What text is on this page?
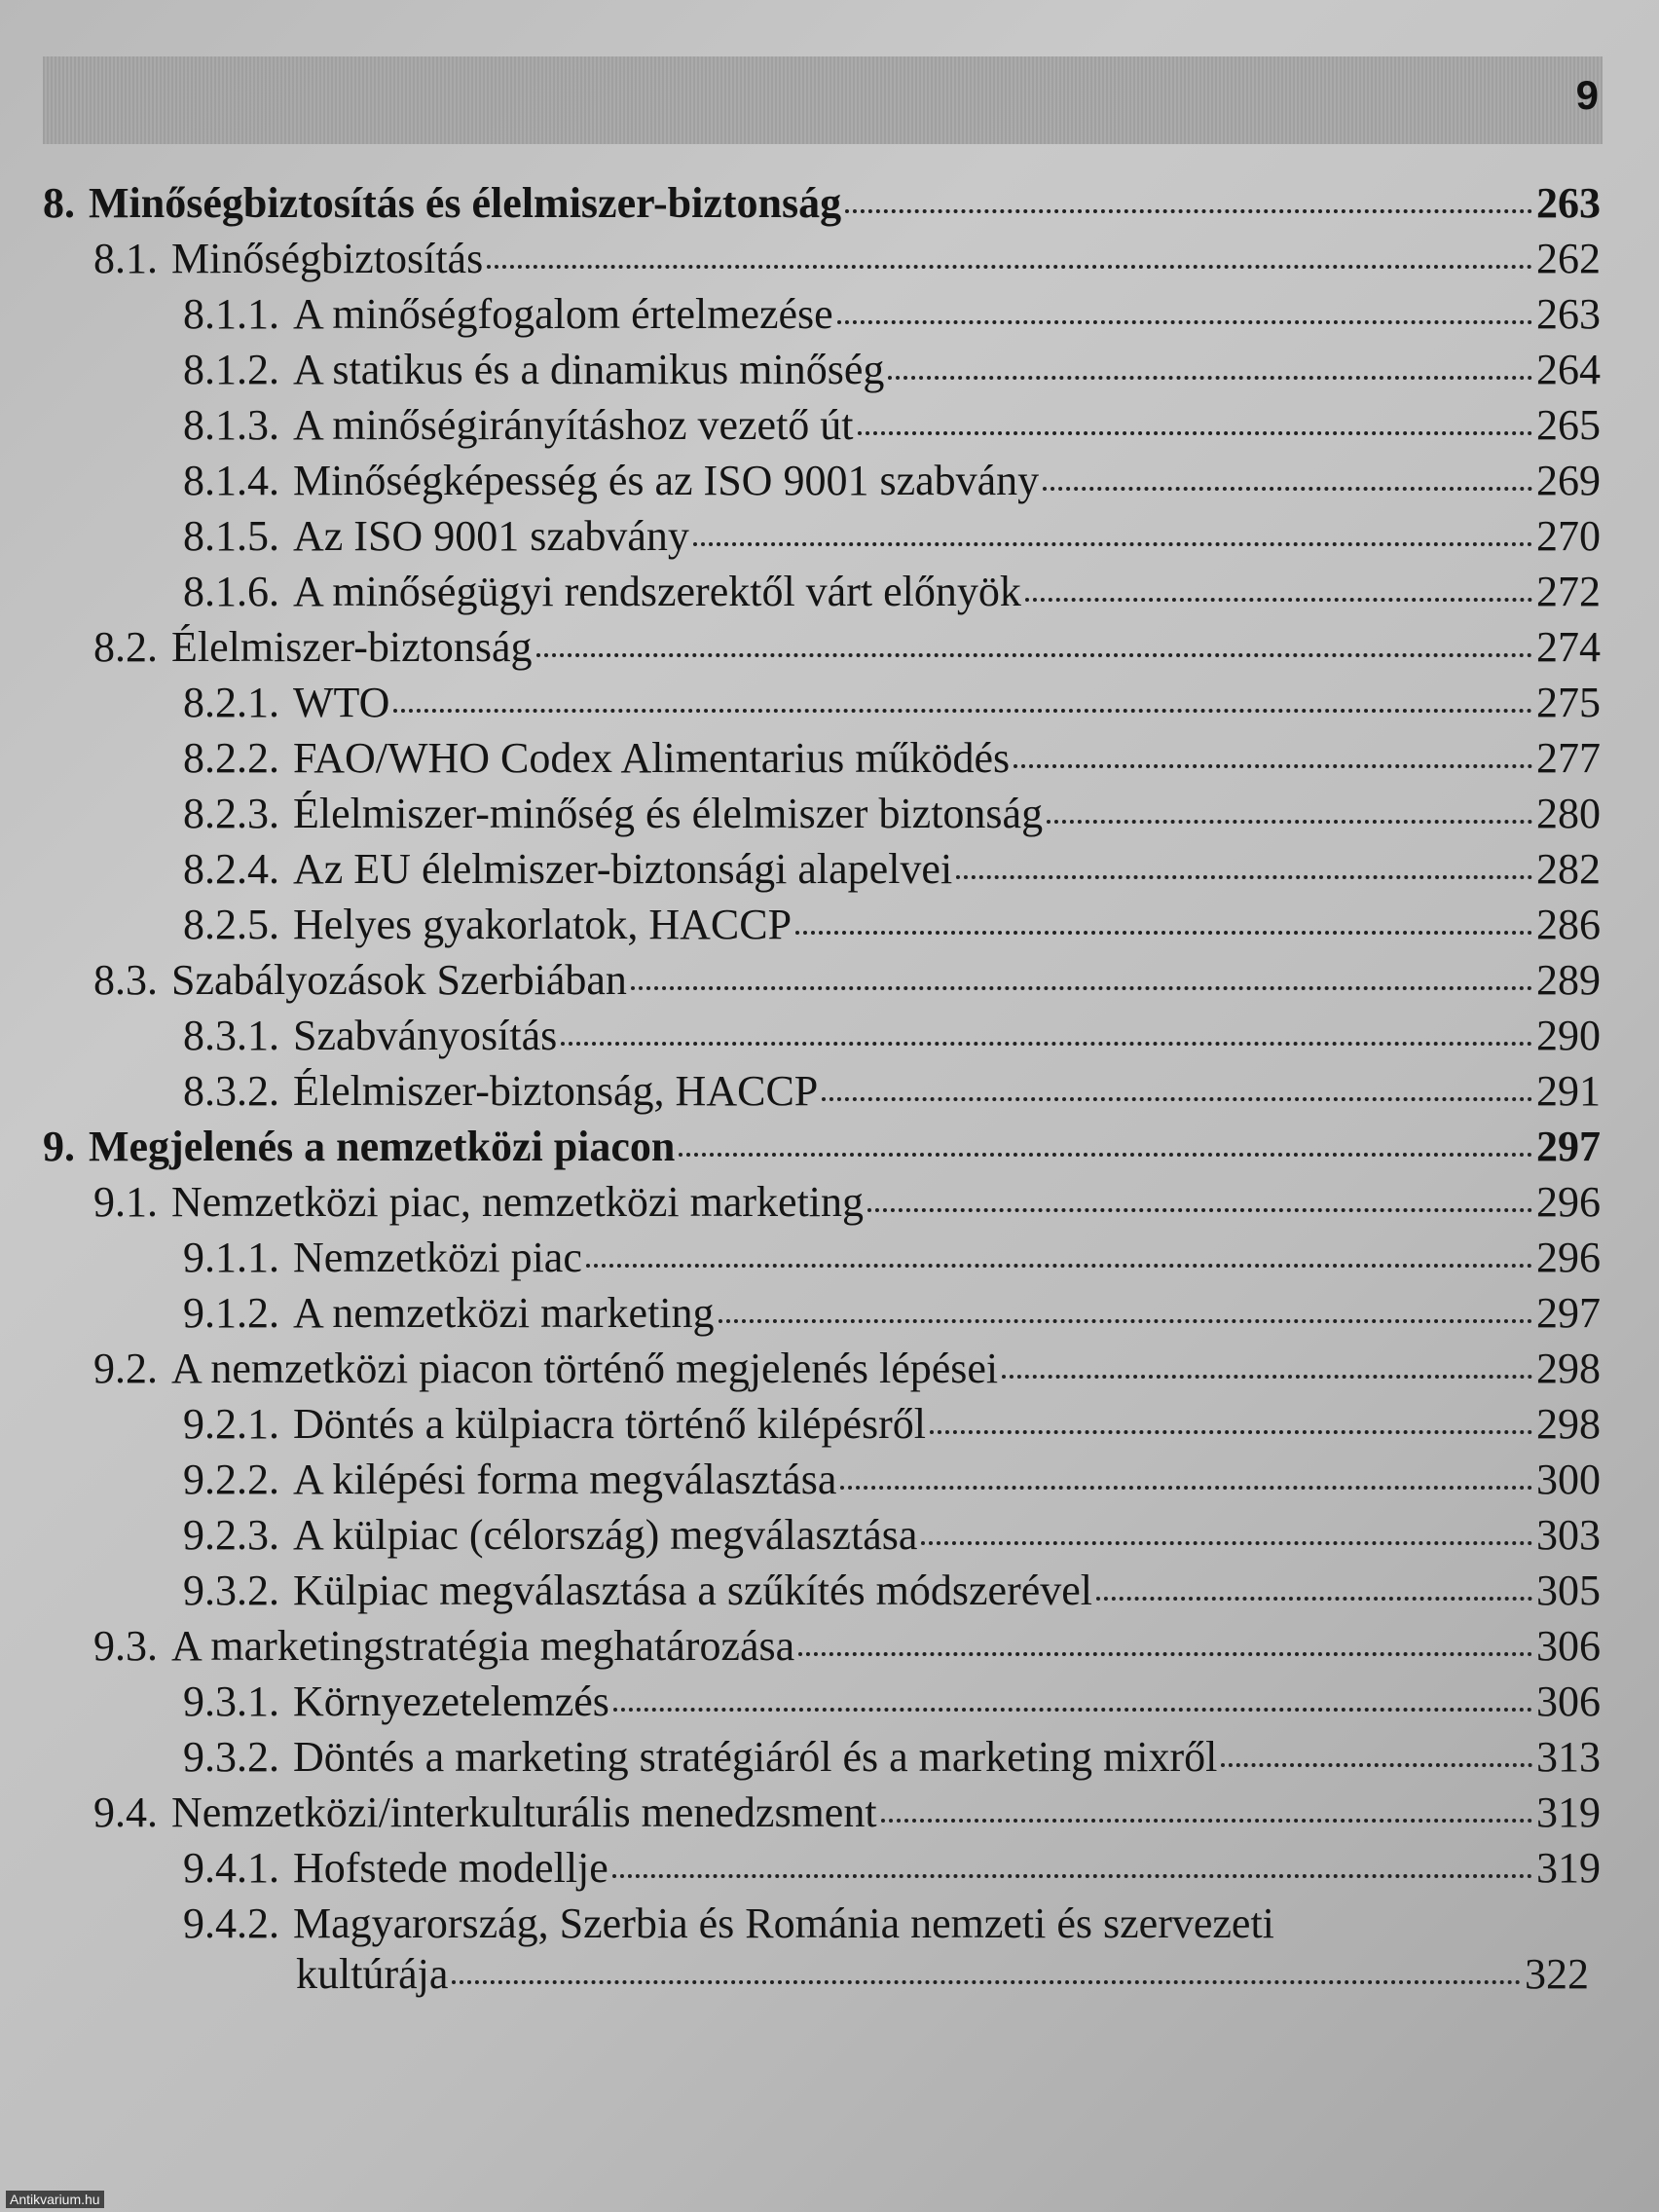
9
8. Minőségbiztosítás és élelmiszer-biztonság	263
8.1. Minőségbiztosítás	262
8.1.1. A minőségfogalom értelmezése	263
8.1.2. A statikus és a dinamikus minőség	264
8.1.3. A minőségirányításhoz vezető út	265
8.1.4. Minőségképesség és az ISO 9001 szabvány	269
8.1.5. Az ISO 9001 szabvány	270
8.1.6. A minőségügyi rendszerektől várt előnyök	272
8.2. Élelmiszer-biztonság	274
8.2.1. WTO	275
8.2.2. FAO/WHO Codex Alimentarius működés	277
8.2.3. Élelmiszer-minőség és élelmiszer biztonság	280
8.2.4. Az EU élelmiszer-biztonsági alapelvei	282
8.2.5. Helyes gyakorlatok, HACCP	286
8.3. Szabályozások Szerbiában	289
8.3.1. Szabványosítás	290
8.3.2. Élelmiszer-biztonság, HACCP	291
9. Megjelenés a nemzetközi piacon	297
9.1. Nemzetközi piac, nemzetközi marketing	296
9.1.1. Nemzetközi piac	296
9.1.2. A nemzetközi marketing	297
9.2. A nemzetközi piacon történő megjelenés lépései	298
9.2.1. Döntés a külpiacra történő kilépésről	298
9.2.2. A kilépési forma megválasztása	300
9.2.3. A külpiac (célország) megválasztása	303
9.3.2. Külpiac megválasztása a szűkítés módszerével	305
9.3. A marketingstratégia meghatározása	306
9.3.1. Környezetelemzés	306
9.3.2. Döntés a marketing stratégiáról és a marketing mixről	313
9.4. Nemzetközi/interkulturális menedzsment	319
9.4.1. Hofstede modellje	319
9.4.2. Magyarország, Szerbia és Románia nemzeti és szervezeti
kultúrája	322
Antikvarium.hu
